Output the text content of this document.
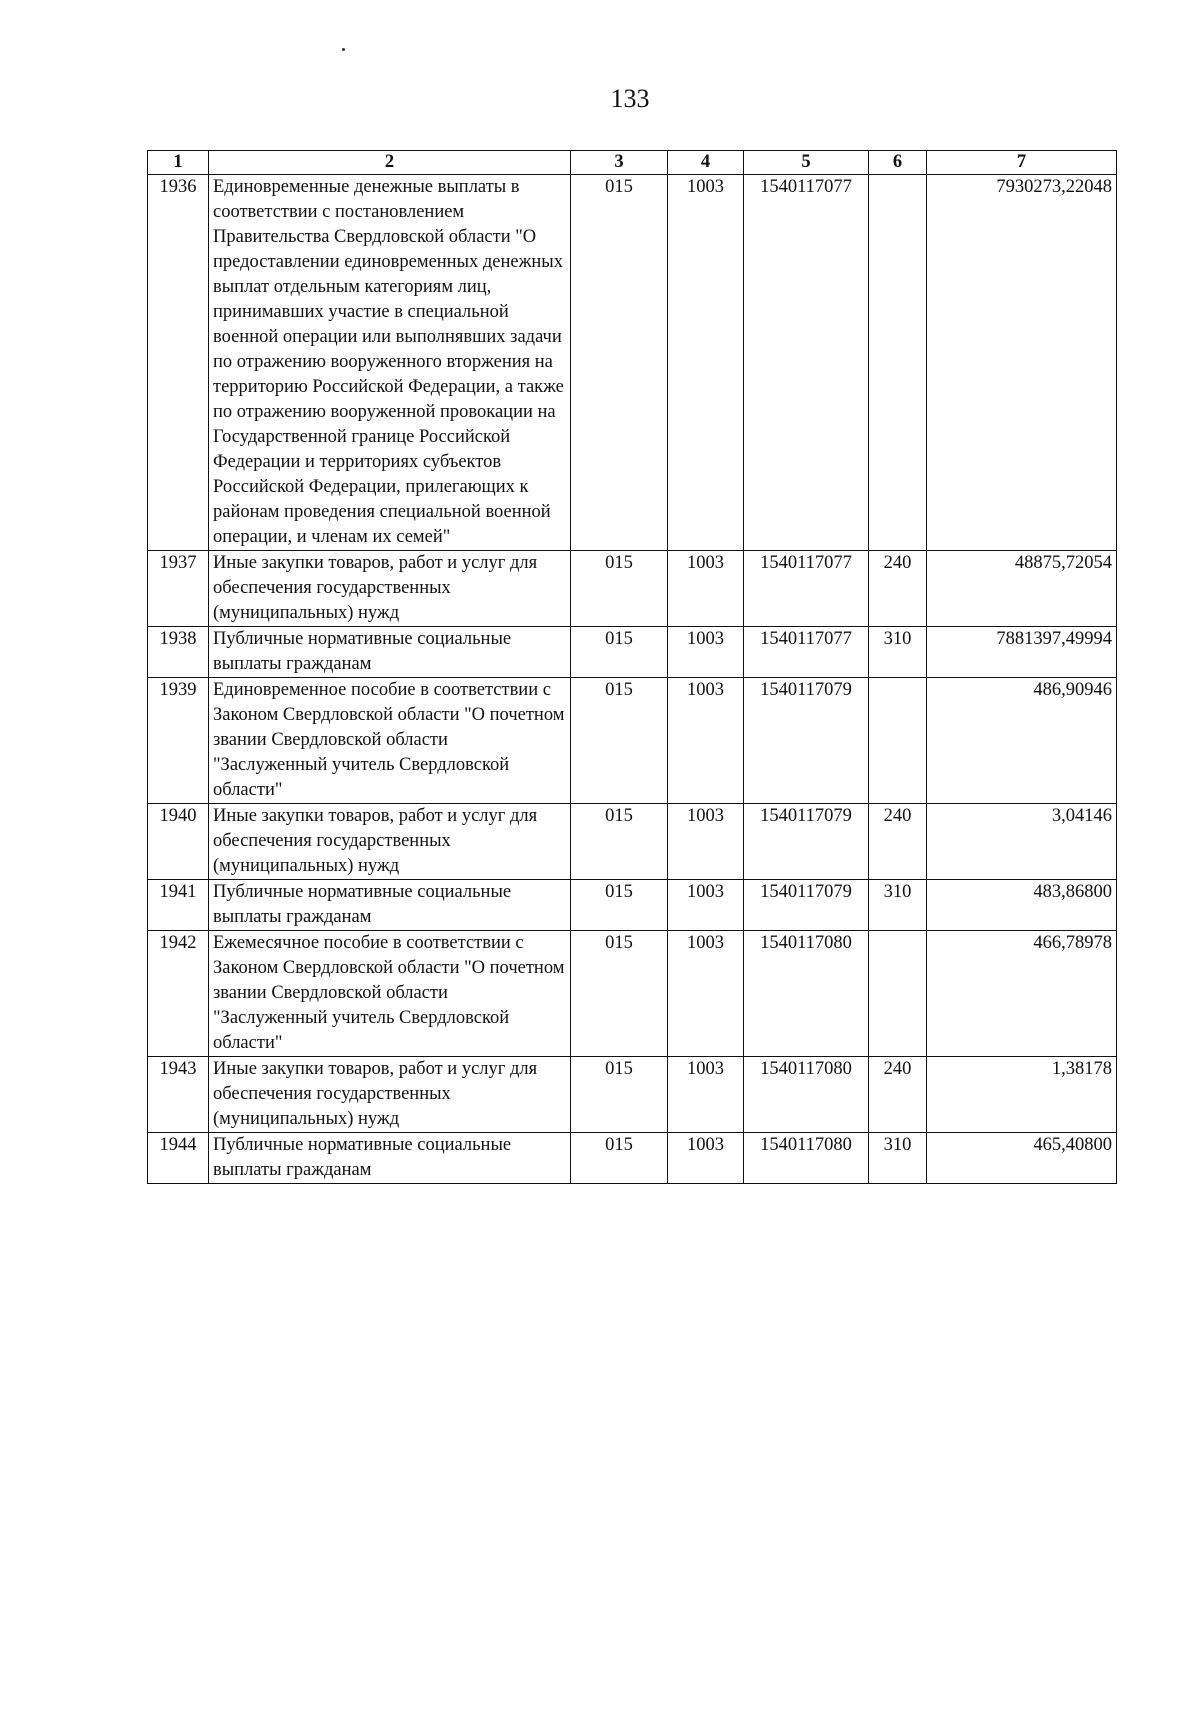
133
1	2	3	4	5	6	7
1936	Единовременные денежные выплаты в соответствии с постановлением Правительства Свердловской области "О предоставлении единовременных денежных выплат отдельным категориям лиц, принимавших участие в специальной военной операции или выполнявших задачи по отражению вооруженного вторжения на территорию Российской Федерации, а также по отражению вооруженной провокации на Государственной границе Российской Федерации и территориях субъектов Российской Федерации, прилегающих к районам проведения специальной военной операции, и членам их семей"	015	1003	1540117077		7930273,22048
1937	Иные закупки товаров, работ и услуг для обеспечения государственных (муниципальных) нужд	015	1003	1540117077	240	48875,72054
1938	Публичные нормативные социальные выплаты гражданам	015	1003	1540117077	310	7881397,49994
1939	Единовременное пособие в соответствии с Законом Свердловской области "О почетном звании Свердловской области "Заслуженный учитель Свердловской области"	015	1003	1540117079		486,90946
1940	Иные закупки товаров, работ и услуг для обеспечения государственных (муниципальных) нужд	015	1003	1540117079	240	3,04146
1941	Публичные нормативные социальные выплаты гражданам	015	1003	1540117079	310	483,86800
1942	Ежемесячное пособие в соответствии с Законом Свердловской области "О почетном звании Свердловской области "Заслуженный учитель Свердловской области"	015	1003	1540117080		466,78978
1943	Иные закупки товаров, работ и услуг для обеспечения государственных (муниципальных) нужд	015	1003	1540117080	240	1,38178
1944	Публичные нормативные социальные выплаты гражданам	015	1003	1540117080	310	465,40800
